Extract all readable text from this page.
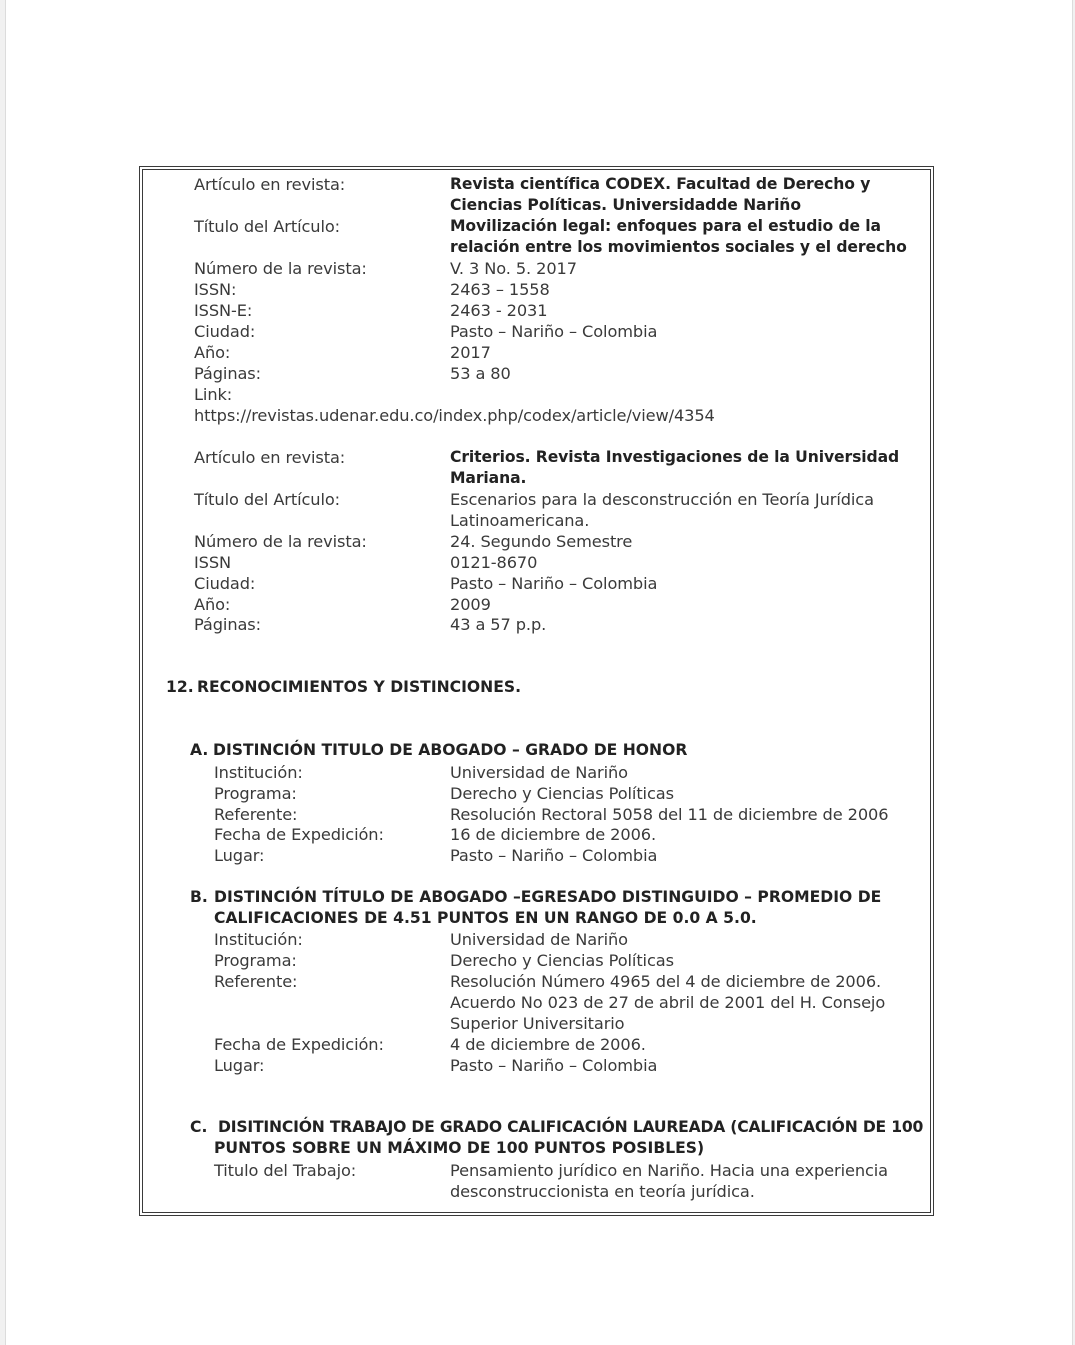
Artículo en revista:	Revista científica CODEX. Facultad de Derecho y
Ciencias Políticas. Universidadde Nariño
Título del Artículo:	Movilización legal: enfoques para el estudio de la
relación entre los movimientos sociales y el derecho
Número de la revista:	V. 3 No. 5. 2017
ISSN:	2463 – 1558
ISSN-E:	2463 - 2031
Ciudad:	Pasto – Nariño – Colombia
Año:	2017
Páginas:	53 a 80
Link:
https://revistas.udenar.edu.co/index.php/codex/article/view/4354
Artículo en revista:	Criterios. Revista Investigaciones de la Universidad
Mariana.
Título del Artículo:	Escenarios para la desconstrucción en Teoría Jurídica
Latinoamericana.
Número de la revista:	24. Segundo Semestre
ISSN	0121-8670
Ciudad:	Pasto – Nariño – Colombia
Año:	2009
Páginas:	43 a 57 p.p.
12. RECONOCIMIENTOS Y DISTINCIONES.
A. DISTINCIÓN TITULO DE ABOGADO – GRADO DE HONOR
Institución:	Universidad de Nariño
Programa:	Derecho y Ciencias Políticas
Referente:	Resolución Rectoral 5058 del 11 de diciembre de 2006
Fecha de Expedición:	16 de diciembre de 2006.
Lugar:	Pasto – Nariño – Colombia
B. DISTINCIÓN TÍTULO DE ABOGADO –EGRESADO DISTINGUIDO – PROMEDIO DE
CALIFICACIONES DE 4.51 PUNTOS EN UN RANGO DE 0.0 A 5.0.
Institución:	Universidad de Nariño
Programa:	Derecho y Ciencias Políticas
Referente:	Resolución Número 4965 del 4 de diciembre de 2006.
Acuerdo No 023 de 27 de abril de 2001 del H. Consejo
Superior Universitario
Fecha de Expedición:	4 de diciembre de 2006.
Lugar:	Pasto – Nariño – Colombia
C. DISITINCIÓN TRABAJO DE GRADO CALIFICACIÓN LAUREADA (CALIFICACIÓN DE 100
PUNTOS SOBRE UN MÁXIMO DE 100 PUNTOS POSIBLES)
Titulo del Trabajo:	Pensamiento jurídico en Nariño. Hacia una experiencia
desconstruccionista en teoría jurídica.
